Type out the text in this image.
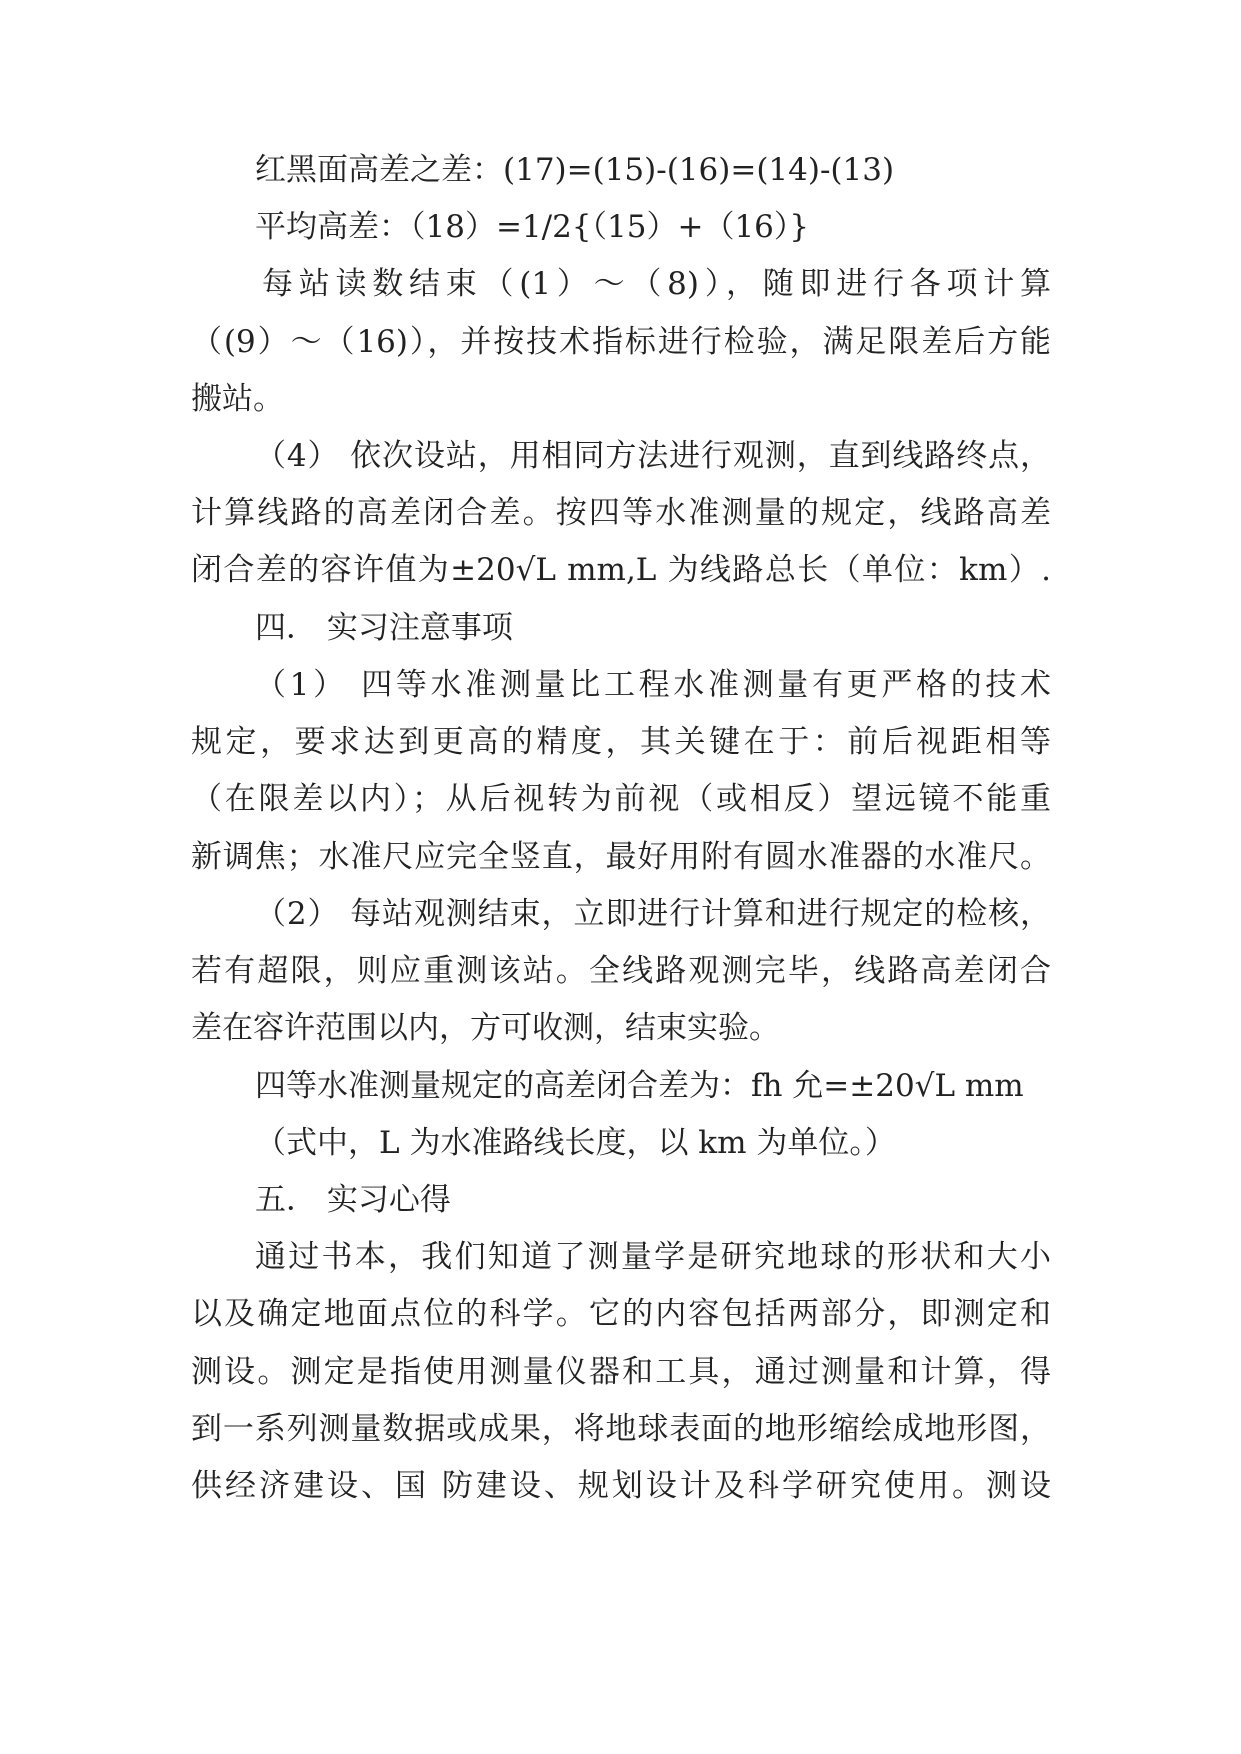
红黑面高差之差：(17)=(15)-(16)=(14)-(13)
平均高差：（18）=1/2{（15）+（16）}
每站读数结束（(1）～（8)），随即进行各项计算
（(9）～（16)），并按技术指标进行检验，满足限差后方能
搬站。
（4） 依次设站，用相同方法进行观测，直到线路终点，
计算线路的高差闭合差。按四等水准测量的规定，线路高差
闭合差的容许值为±20√L mm,L 为线路总长（单位：km）.
四． 实习注意事项
（1） 四等水准测量比工程水准测量有更严格的技术
规定，要求达到更高的精度，其关键在于：前后视距相等
（在限差以内）；从后视转为前视（或相反）望远镜不能重
新调焦；水准尺应完全竖直，最好用附有圆水准器的水准尺。
（2） 每站观测结束，立即进行计算和进行规定的检核，
若有超限，则应重测该站。全线路观测完毕，线路高差闭合
差在容许范围以内，方可收测，结束实验。
四等水准测量规定的高差闭合差为：fh 允=±20√L mm
（式中，L 为水准路线长度，以 km 为单位。）
五． 实习心得
通过书本，我们知道了测量学是研究地球的形状和大小
以及确定地面点位的科学。它的内容包括两部分，即测定和
测设。测定是指使用测量仪器和工具，通过测量和计算，得
到一系列测量数据或成果，将地球表面的地形缩绘成地形图，
供经济建设、国 防建设、规划设计及科学研究使用。测设
